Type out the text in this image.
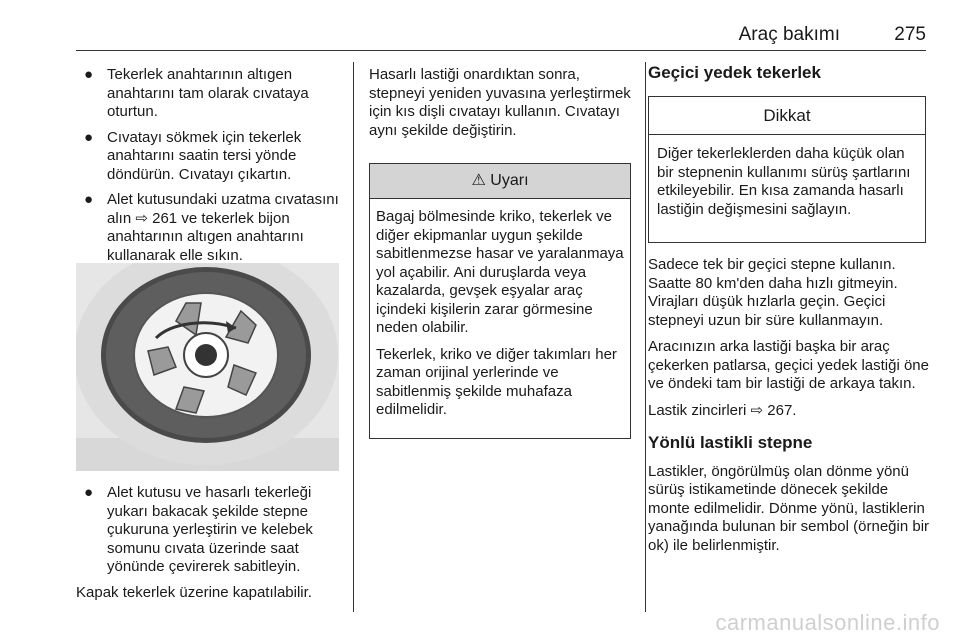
Araç bakımı	275
● Tekerlek anahtarının altıgen anahtarını tam olarak cıvataya oturtun.
● Cıvatayı sökmek için tekerlek anahtarını saatin tersi yönde döndürün. Cıvatayı çıkartın.
● Alet kutusundaki uzatma cıvatasını alın ⇨ 261 ve tekerlek bijon anahtarının altıgen anahtarını kullanarak elle sıkın.
● Alet kutusu ve hasarlı tekerleği yukarı bakacak şekilde stepne çukuruna yerleştirin ve kelebek somunu cıvata üzerinde saat yönünde çevirerek sabitleyin.

Kapak tekerlek üzerine kapatılabilir.

Hasarlı lastiği onardıktan sonra, stepneyi yeniden yuvasına yerleştirmek için kıs dişli cıvatayı kullanın. Cıvatayı aynı şekilde değiştirin.

⚠ Uyarı

Bagaj bölmesinde kriko, tekerlek ve diğer ekipmanlar uygun şekilde sabitlenmezse hasar ve yaralanmaya yol açabilir. Ani duruşlarda veya kazalarda, gevşek eşyalar araç içindeki kişilerin zarar görmesine neden olabilir.

Tekerlek, kriko ve diğer takımları her zaman orijinal yerlerinde ve sabitlenmiş şekilde muhafaza edilmelidir.

Geçici yedek tekerlek
Dikkat
Diğer tekerleklerden daha küçük olan bir stepnenin kullanımı sürüş şartlarını etkileyebilir. En kısa zamanda hasarlı lastiğin değişmesini sağlayın.

Sadece tek bir geçici stepne kullanın. Saatte 80 km'den daha hızlı gitmeyin. Virajları düşük hızlarla geçin. Geçici stepneyi uzun bir süre kullanmayın.

Aracınızın arka lastiği başka bir araç çekerken patlarsa, geçici yedek lastiği öne ve öndeki tam bir lastiği de arkaya takın.

Lastik zincirleri ⇨ 267.

Yönlü lastikli stepne

Lastikler, öngörülmüş olan dönme yönü sürüş istikametinde dönecek şekilde monte edilmelidir. Dönme yönü, lastiklerin yanağında bulunan bir sembol (örneğin bir ok) ile belirlenmiştir.

carmanualsonline.info
